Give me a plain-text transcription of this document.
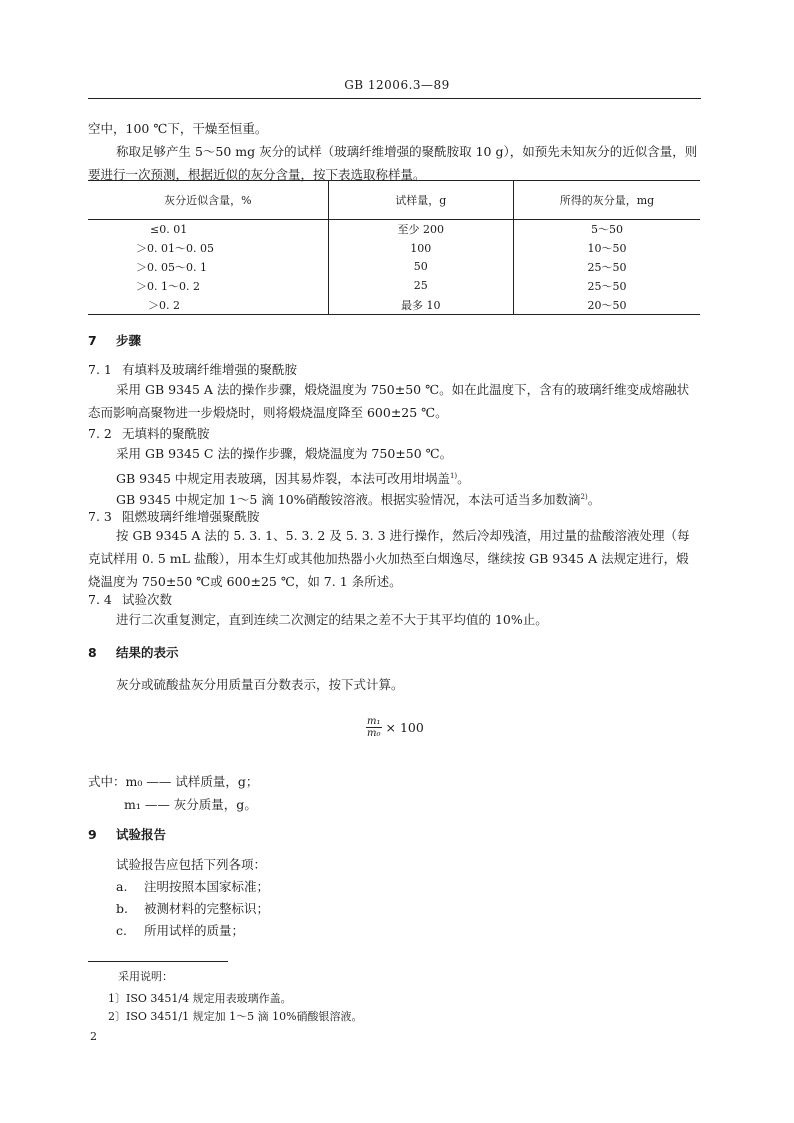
GB 12006.3—89
空中，100 ℃下，干燥至恒重。
称取足够产生 5～50 mg 灰分的试样（玻璃纤维增强的聚酰胺取 10 g），如预先未知灰分的近似含量，则要进行一次预测，根据近似的灰分含量，按下表选取称样量。
灰分近似含量，%	试样量，g	所得的灰分量，mg
≤0. 01	至少 200	5～50
＞0. 01～0. 05	100	10～50
＞0. 05～0. 1	50	25～50
＞0. 1～0. 2	25	25～50
＞0. 2	最多 10	20～50
7 步骤
7. 1 有填料及玻璃纤维增强的聚酰胺
采用 GB 9345 A 法的操作步骤，煅烧温度为 750±50 ℃。如在此温度下，含有的玻璃纤维变成熔融状态而影响高聚物进一步煅烧时，则将煅烧温度降至 600±25 ℃。
7. 2 无填料的聚酰胺
采用 GB 9345 C 法的操作步骤，煅烧温度为 750±50 ℃。
GB 9345 中规定用表玻璃，因其易炸裂，本法可改用坩埚盖$^{1)}$。
GB 9345 中规定加 1～5 滴 10%硝酸铵溶液。根据实验情况，本法可适当多加数滴$^{2)}$。
7. 3 阻燃玻璃纤维增强聚酰胺
按 GB 9345 A 法的 5. 3. 1、5. 3. 2 及 5. 3. 3 进行操作，然后冷却残渣，用过量的盐酸溶液处理（每克试样用 0. 5 mL 盐酸），用本生灯或其他加热器小火加热至白烟逸尽，继续按 GB 9345 A 法规定进行，煅烧温度为 750±50 ℃或 600±25 ℃，如 7. 1 条所述。
7. 4 试验次数
进行二次重复测定，直到连续二次测定的结果之差不大于其平均值的 10%止。
8 结果的表示
灰分或硫酸盐灰分用质量百分数表示，按下式计算。
$\frac{\text{m₁}}{\text{m₀}} \times 100$
式中：m₀ —— 试样质量，g；
m₁ —— 灰分质量，g。
9 试验报告
试验报告应包括下列各项：
a. 注明按照本国家标准；
b. 被测材料的完整标识；
c. 所用试样的质量；
采用说明：
1〕ISO 3451/4 规定用表玻璃作盖。
2〕ISO 3451/1 规定加 1～5 滴 10%硝酸银溶液。
2
